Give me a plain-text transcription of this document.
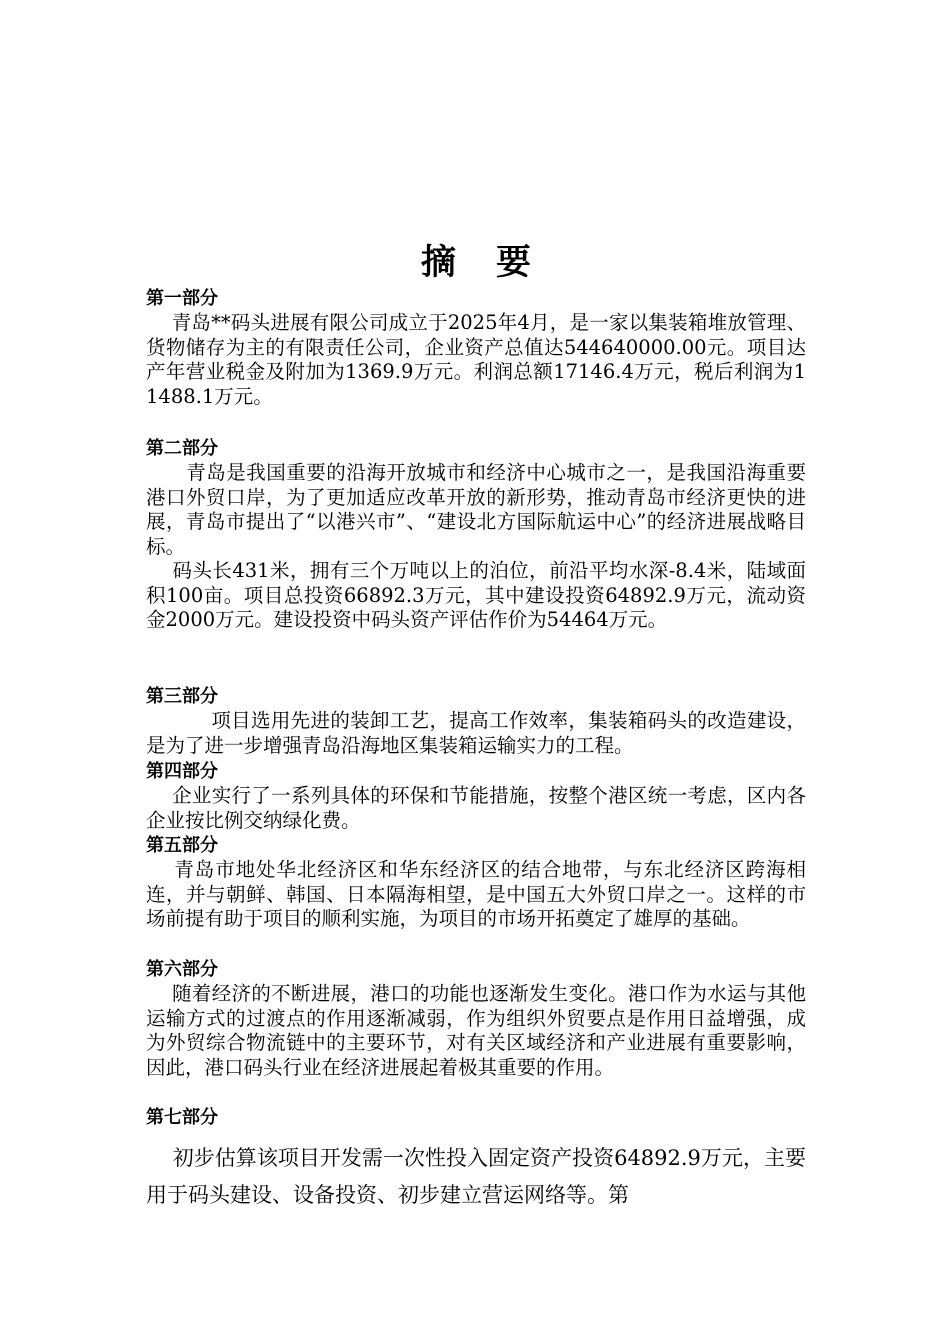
摘 要

第一部分

青岛**码头进展有限公司成立于2025年4月，是一家以集装箱堆放管理、货物储存为主的有限责任公司，企业资产总值达544640000.00元。项目达产年营业税金及附加为1369.9万元。利润总额17146.4万元，税后利润为11488.1万元。

第二部分

青岛是我国重要的沿海开放城市和经济中心城市之一，是我国沿海重要港口外贸口岸，为了更加适应改革开放的新形势，推动青岛市经济更快的进展，青岛市提出了“以港兴市”、“建设北方国际航运中心”的经济进展战略目标。

码头长431米，拥有三个万吨以上的泊位，前沿平均水深-8.4米，陆域面积100亩。项目总投资66892.3万元，其中建设投资64892.9万元，流动资金2000万元。建设投资中码头资产评估作价为54464万元。

第三部分

项目选用先进的装卸工艺，提高工作效率，集装箱码头的改造建设，是为了进一步增强青岛沿海地区集装箱运输实力的工程。

第四部分

企业实行了一系列具体的环保和节能措施，按整个港区统一考虑，区内各企业按比例交纳绿化费。

第五部分

青岛市地处华北经济区和华东经济区的结合地带，与东北经济区跨海相连，并与朝鲜、韩国、日本隔海相望，是中国五大外贸口岸之一。这样的市场前提有助于项目的顺利实施，为项目的市场开拓奠定了雄厚的基础。

第六部分

随着经济的不断进展，港口的功能也逐渐发生变化。港口作为水运与其他运输方式的过渡点的作用逐渐减弱，作为组织外贸要点是作用日益增强，成为外贸综合物流链中的主要环节，对有关区域经济和产业进展有重要影响，因此，港口码头行业在经济进展起着极其重要的作用。

第七部分

初步估算该项目开发需一次性投入固定资产投资64892.9万元，主要用于码头建设、设备投资、初步建立营运网络等。第
